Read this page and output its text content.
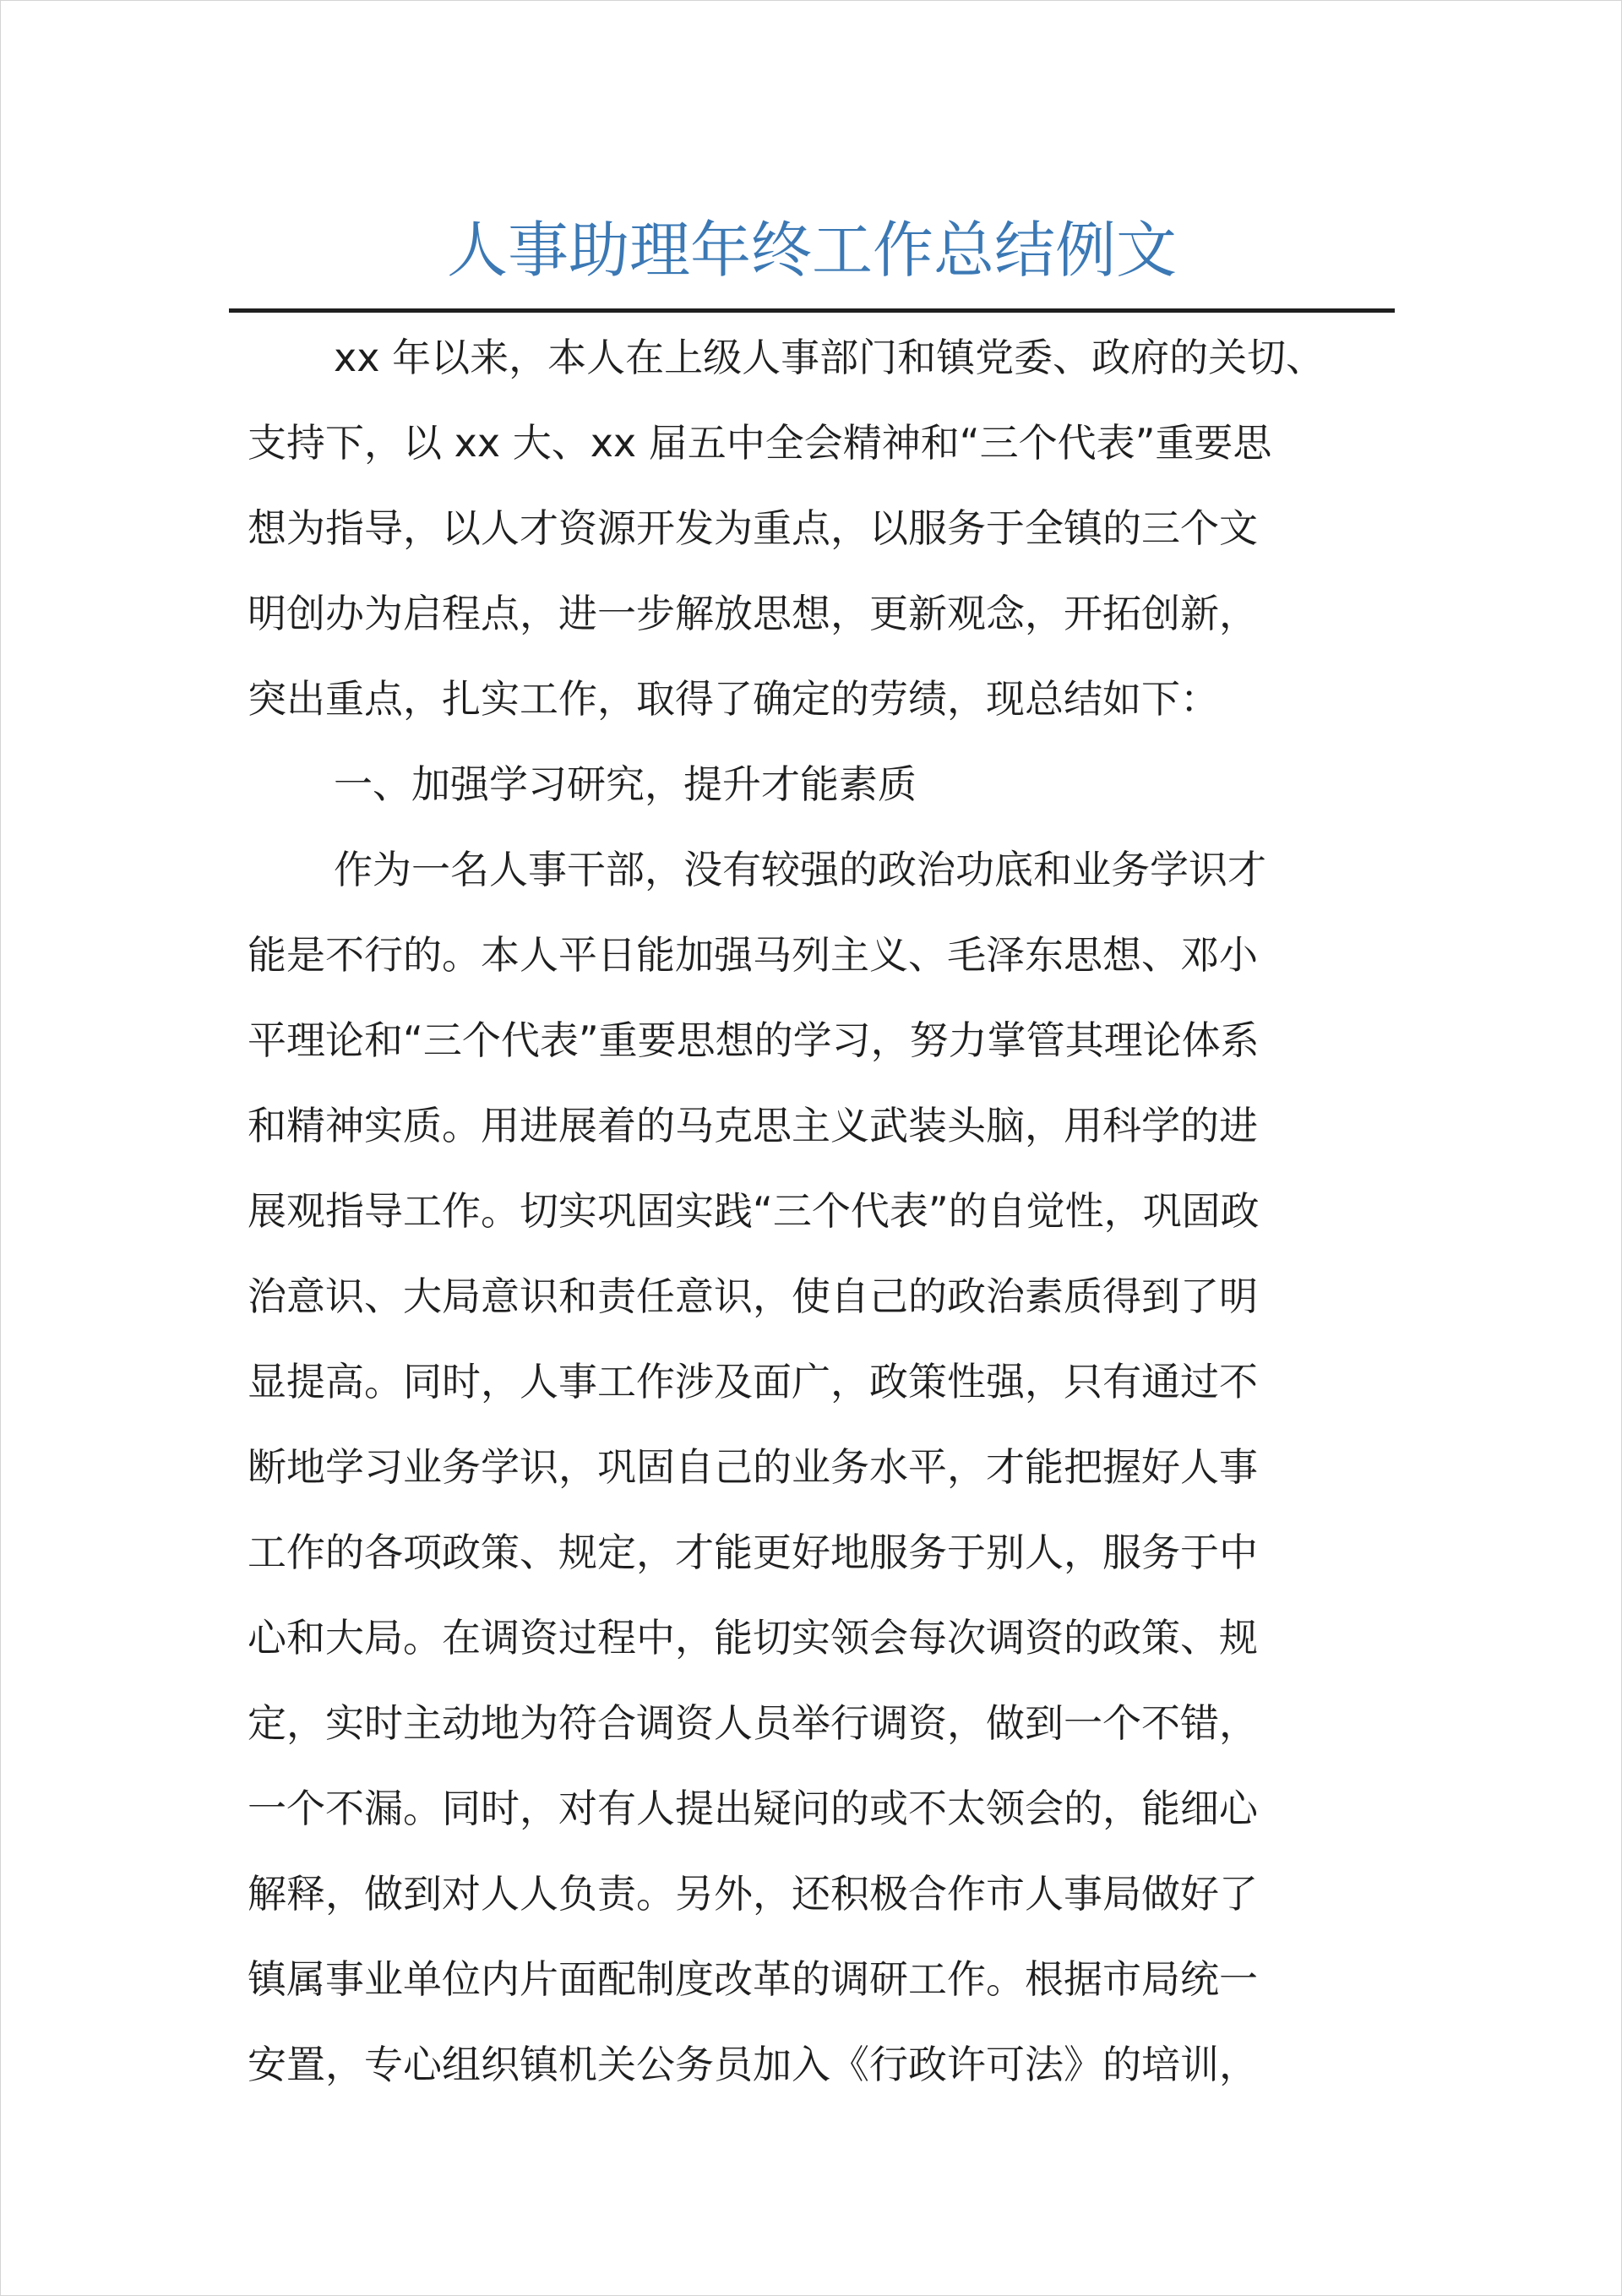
人事助理年终工作总结例文
xx 年以来，本人在上级人事部门和镇党委、政府的关切、
支持下，以 xx 大、xx 届五中全会精神和“三个代表”重要思
想为指导，以人才资源开发为重点，以服务于全镇的三个文
明创办为启程点，进一步解放思想，更新观念，开拓创新，
突出重点，扎实工作，取得了确定的劳绩，现总结如下：
一、加强学习研究，提升才能素质
作为一名人事干部，没有较强的政治功底和业务学识才
能是不行的。本人平日能加强马列主义、毛泽东思想、邓小
平理论和“三个代表”重要思想的学习，努力掌管其理论体系
和精神实质。用进展着的马克思主义武装头脑，用科学的进
展观指导工作。切实巩固实践“三个代表”的自觉性，巩固政
治意识、大局意识和责任意识，使自己的政治素质得到了明
显提高。同时，人事工作涉及面广，政策性强，只有通过不
断地学习业务学识，巩固自己的业务水平，才能把握好人事
工作的各项政策、规定，才能更好地服务于别人，服务于中
心和大局。在调资过程中，能切实领会每次调资的政策、规
定，实时主动地为符合调资人员举行调资，做到一个不错，
一个不漏。同时，对有人提出疑问的或不太领会的，能细心
解释，做到对人人负责。另外，还积极合作市人事局做好了
镇属事业单位内片面配制度改革的调研工作。根据市局统一
安置，专心组织镇机关公务员加入《行政许可法》的培训，
